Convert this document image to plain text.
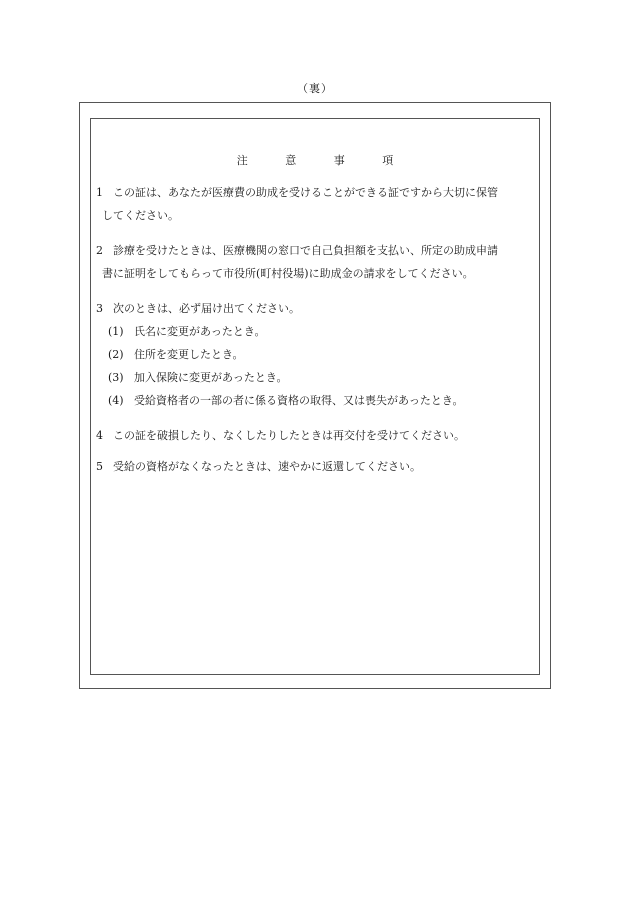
（裏）
注	意	事	項
1 この証は、あなたが医療費の助成を受けることができる証ですから大切に保管
してください。
2 診療を受けたときは、医療機関の窓口で自己負担額を支払い、所定の助成申請
書に証明をしてもらって市役所(町村役場)に助成金の請求をしてください。
3 次のときは、必ず届け出てください。
(1) 氏名に変更があったとき。
(2) 住所を変更したとき。
(3) 加入保険に変更があったとき。
(4) 受給資格者の一部の者に係る資格の取得、又は喪失があったとき。
4 この証を破損したり、なくしたりしたときは再交付を受けてください。
5 受給の資格がなくなったときは、速やかに返還してください。
